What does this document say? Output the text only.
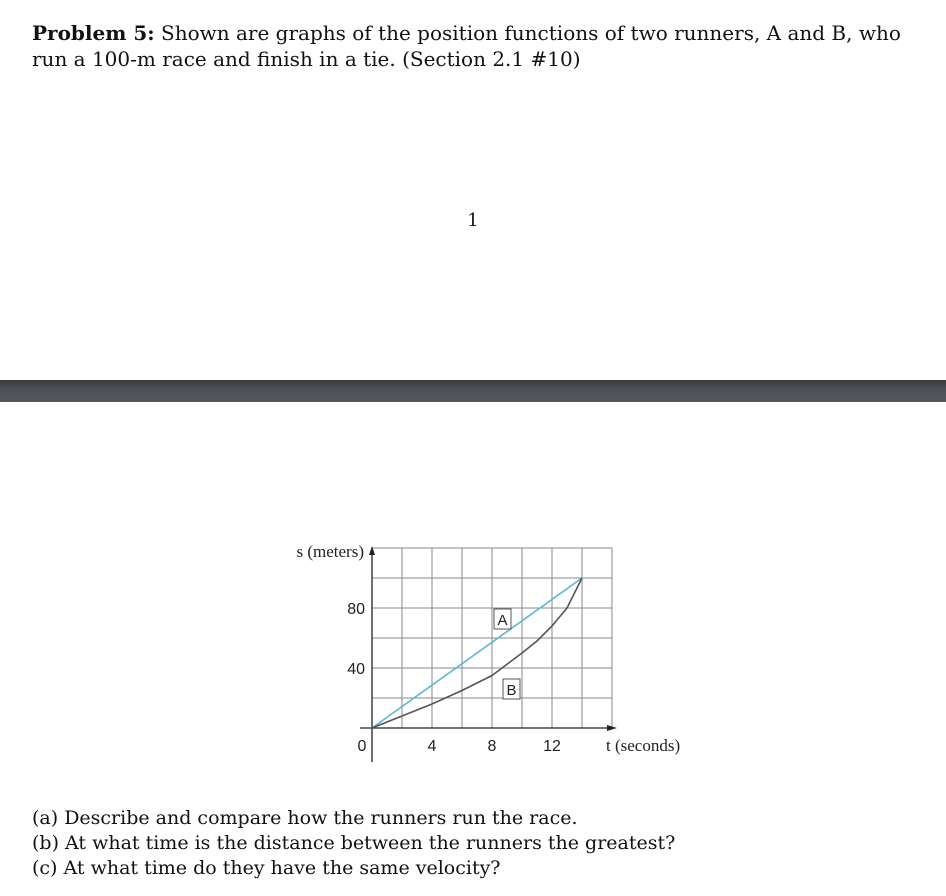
Problem 5: Shown are graphs of the position functions of two runners, A and B, who run a 100-m race and finish in a tie. (Section 2.1 #10)
1
A
B
40
80
0	4	8	12
s (meters)
t (seconds)
(a) Describe and compare how the runners run the race.
(b) At what time is the distance between the runners the greatest?
(c) At what time do they have the same velocity?
